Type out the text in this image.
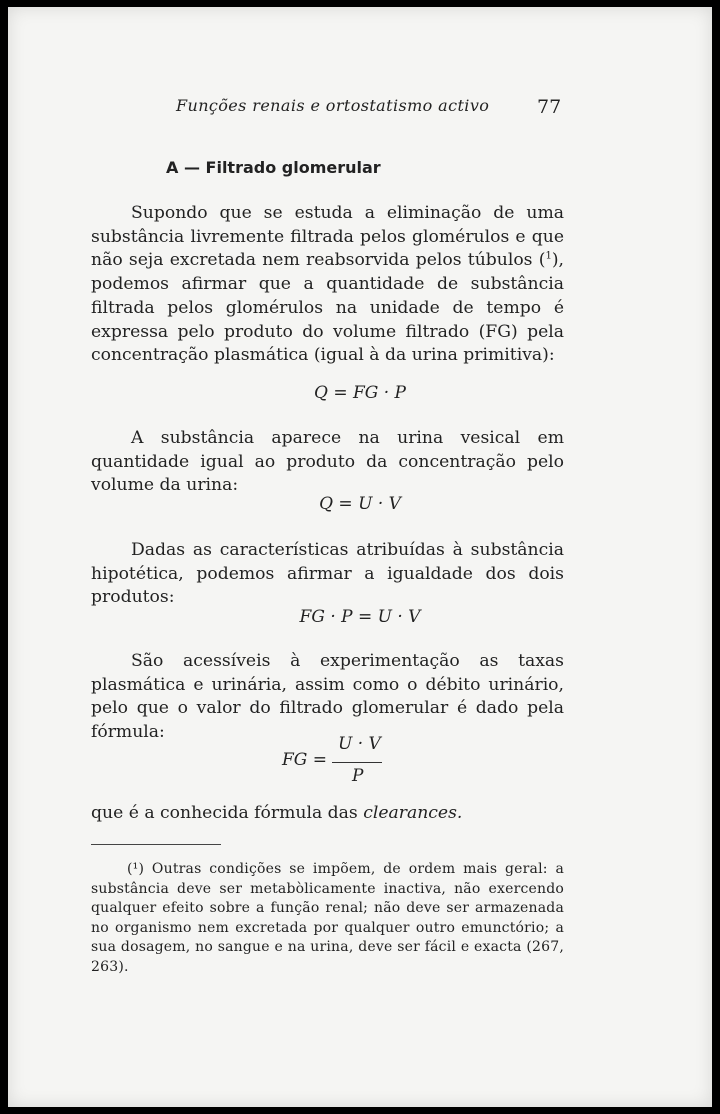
Funções renais e ortostatismo activo	77
A — Filtrado glomerular

Supondo que se estuda a eliminação de uma substância livremente filtrada pelos glomérulos e que não seja excretada nem reabsorvida pelos túbulos ($^1$), podemos afirmar que a quantidade de substância filtrada pelos glomérulos na unidade de tempo é expressa pelo produto do volume filtrado (FG) pela concentração plasmática (igual à da urina primitiva):

Q = FG · P

A substância aparece na urina vesical em quantidade igual ao produto da concentração pelo volume da urina:

Q = U · V

Dadas as características atribuídas à substância hipotética, podemos afirmar a igualdade dos dois produtos:

FG · P = U · V

São acessíveis à experimentação as taxas plasmática e urinária, assim como o débito urinário, pelo que o valor do filtrado glomerular é dado pela fórmula:

FG =
U · V
P

que é a conhecida fórmula das clearances.

(¹) Outras condições se impõem, de ordem mais geral: a substância deve ser metabòlicamente inactiva, não exercendo qualquer efeito sobre a função renal; não deve ser armazenada no organismo nem excretada por qualquer outro emunctório; a sua dosagem, no sangue e na urina, deve ser fácil e exacta (267, 263).
